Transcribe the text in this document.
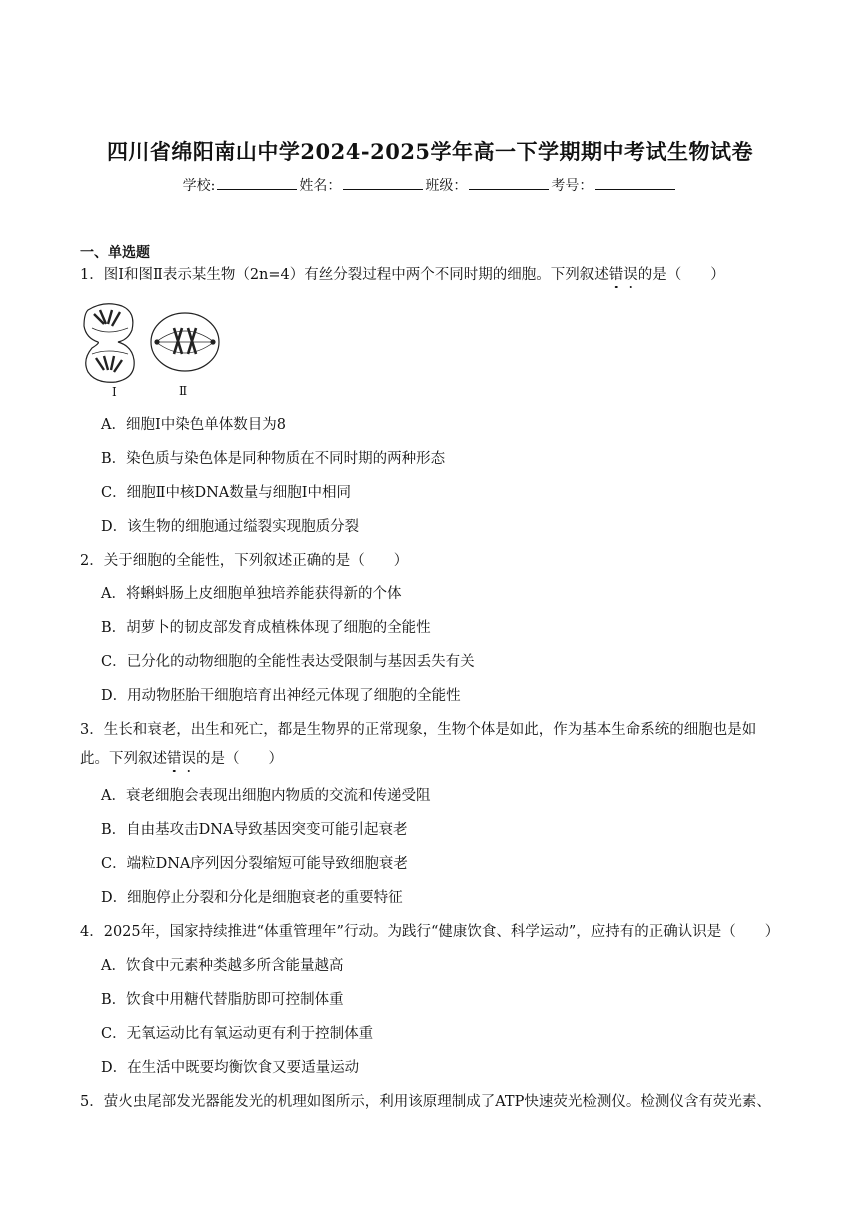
四川省绵阳南山中学2024-2025学年高一下学期期中考试生物试卷
学校:	姓名：	班级：	考号：
一、单选题
1．图Ⅰ和图Ⅱ表示某生物（2n=4）有丝分裂过程中两个不同时期的细胞。下列叙述错误的是（　　）
Ⅰ	Ⅱ
A．细胞Ⅰ中染色单体数目为8
B．染色质与染色体是同种物质在不同时期的两种形态
C．细胞Ⅱ中核DNA数量与细胞Ⅰ中相同
D．该生物的细胞通过缢裂实现胞质分裂
2．关于细胞的全能性，下列叙述正确的是（　　）
A．将蝌蚪肠上皮细胞单独培养能获得新的个体
B．胡萝卜的韧皮部发育成植株体现了细胞的全能性
C．已分化的动物细胞的全能性表达受限制与基因丢失有关
D．用动物胚胎干细胞培育出神经元体现了细胞的全能性
3．生长和衰老，出生和死亡，都是生物界的正常现象，生物个体是如此，作为基本生命系统的细胞也是如
此。下列叙述错误的是（　　）
A．衰老细胞会表现出细胞内物质的交流和传递受阻
B．自由基攻击DNA导致基因突变可能引起衰老
C．端粒DNA序列因分裂缩短可能导致细胞衰老
D．细胞停止分裂和分化是细胞衰老的重要特征
4．2025年，国家持续推进“体重管理年”行动。为践行“健康饮食、科学运动”，应持有的正确认识是（　　）
A．饮食中元素种类越多所含能量越高
B．饮食中用糖代替脂肪即可控制体重
C．无氧运动比有氧运动更有利于控制体重
D．在生活中既要均衡饮食又要适量运动
5．萤火虫尾部发光器能发光的机理如图所示，利用该原理制成了ATP快速荧光检测仪。检测仪含有荧光素、
